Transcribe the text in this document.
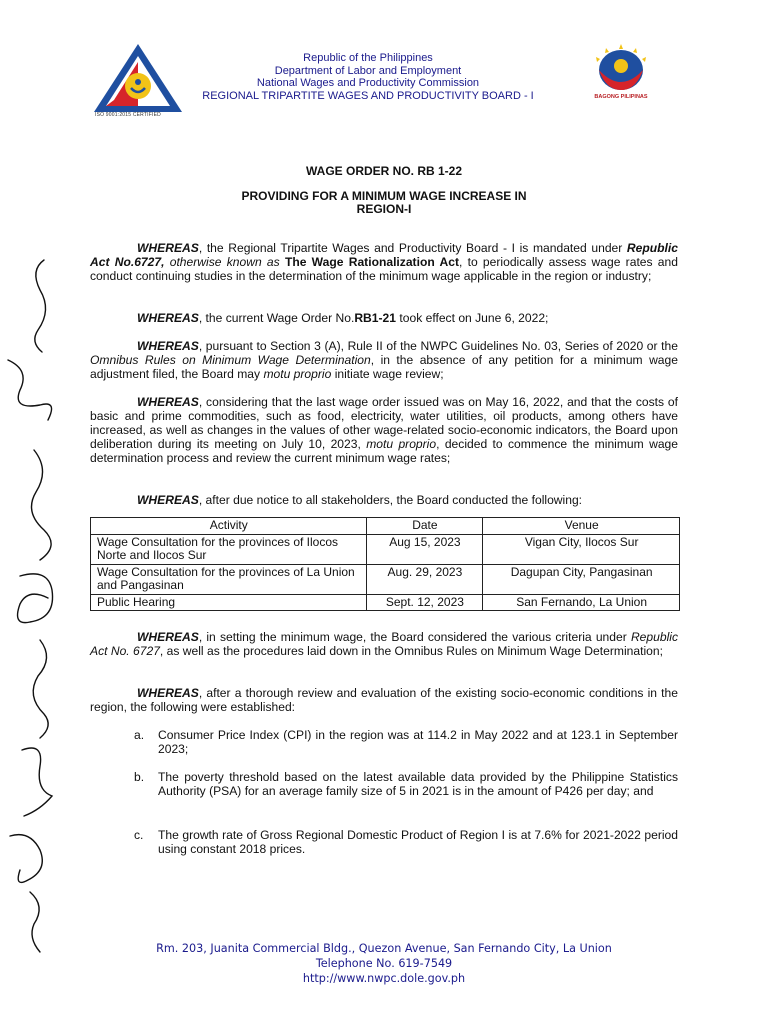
ISO 9001:2015 CERTIFIED
Republic of the Philippines
Department of Labor and Employment
National Wages and Productivity Commission
REGIONAL TRIPARTITE WAGES AND PRODUCTIVITY BOARD - I	BAGONG PILIPINAS
WAGE ORDER NO. RB 1-22
PROVIDING FOR A MINIMUM WAGE INCREASE IN
REGION-I
WHEREAS, the Regional Tripartite Wages and Productivity Board - I is mandated under Republic Act No.6727, otherwise known as The Wage Rationalization Act, to periodically assess wage rates and conduct continuing studies in the determination of the minimum wage applicable in the region or industry;
WHEREAS, the current Wage Order No.RB1-21 took effect on June 6, 2022;
WHEREAS, pursuant to Section 3 (A), Rule II of the NWPC Guidelines No. 03, Series of 2020 or the Omnibus Rules on Minimum Wage Determination, in the absence of any petition for a minimum wage adjustment filed, the Board may motu proprio initiate wage review;
WHEREAS, considering that the last wage order issued was on May 16, 2022, and that the costs of basic and prime commodities, such as food, electricity, water utilities, oil products, among others have increased, as well as changes in the values of other wage-related socio-economic indicators, the Board upon deliberation during its meeting on July 10, 2023, motu proprio, decided to commence the minimum wage determination process and review the current minimum wage rates;
WHEREAS, after due notice to all stakeholders, the Board conducted the following:
Activity	Date	Venue
Wage Consultation for the provinces of Ilocos Norte and Ilocos Sur	Aug 15, 2023	Vigan City, Ilocos Sur
Wage Consultation for the provinces of La Union and Pangasinan	Aug. 29, 2023	Dagupan City, Pangasinan
Public Hearing	Sept. 12, 2023	San Fernando, La Union
WHEREAS, in setting the minimum wage, the Board considered the various criteria under Republic Act No. 6727, as well as the procedures laid down in the Omnibus Rules on Minimum Wage Determination;
WHEREAS, after a thorough review and evaluation of the existing socio-economic conditions in the region, the following were established:
a. Consumer Price Index (CPI) in the region was at 114.2 in May 2022 and at 123.1 in September 2023;
b. The poverty threshold based on the latest available data provided by the Philippine Statistics Authority (PSA) for an average family size of 5 in 2021 is in the amount of P426 per day; and
c. The growth rate of Gross Regional Domestic Product of Region I is at 7.6% for 2021-2022 period using constant 2018 prices.
Rm. 203, Juanita Commercial Bldg., Quezon Avenue, San Fernando City, La Union
Telephone No. 619-7549
http://www.nwpc.dole.gov.ph
